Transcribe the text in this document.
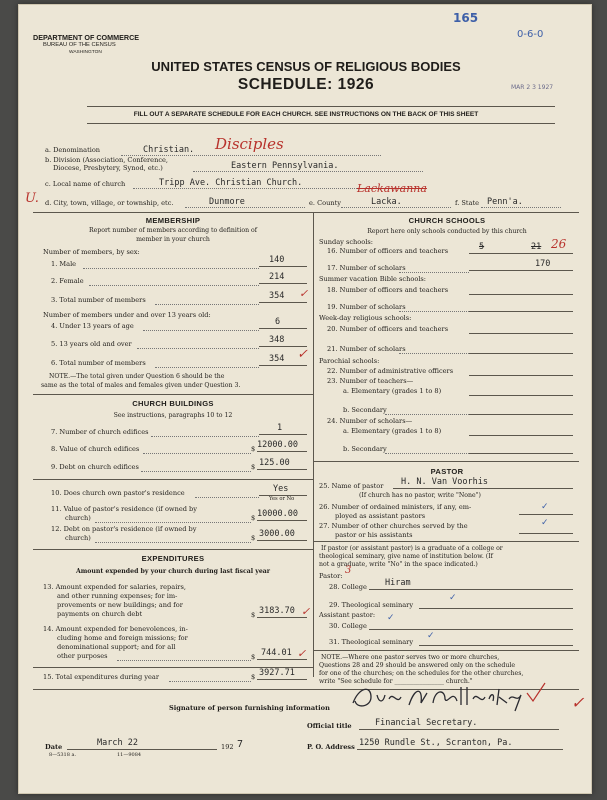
165
0-6-0
MAR 2 3 1927
DEPARTMENT OF COMMERCE
BUREAU OF THE CENSUS
WASHINGTON
UNITED STATES CENSUS OF RELIGIOUS BODIES
SCHEDULE: 1926
FILL OUT A SEPARATE SCHEDULE FOR EACH CHURCH. SEE INSTRUCTIONS ON THE BACK OF THIS SHEET
a. Denomination	Christian. Disciples
b. Division (Association, Conference,
Diocese, Presbytery, Synod, etc.)	Eastern Pennsylvania.
c. Local name of church	Tripp Ave. Christian Church.
U. d. City, town, village, or township, etc.	Dunmore	e. County	Lacka.
Lackawanna
f. State Penn'a.
MEMBERSHIP
Report number of members according to definition of
member in your church
Number of members, by sex:
1. Male	140
2. Female	214
3. Total number of members	354 ✓
Number of members under and over 13 years old:
4. Under 13 years of age	6
5. 13 years old and over	348
6. Total number of members	354 ✓
NOTE.—The total given under Question 6 should be the
same as the total of males and females given under Question 3.
CHURCH BUILDINGS
See instructions, paragraphs 10 to 12
7. Number of church edifices	1
8. Value of church edifices	$ 12000.00
9. Debt on church edifices	$ 125.00
10. Does church own pastor's residence	Yes
Yes or No
11. Value of pastor's residence (if owned by
church)	$ 10000.00
12. Debt on pastor's residence (if owned by
church)	$ 3000.00
EXPENDITURES
Amount expended by your church during last fiscal year
13. Amount expended for salaries, repairs,
and other running expenses; for im-
provements or new buildings; and for
payments on church debt	$ 3183.70 ✓
14. Amount expended for benevolences, in-
cluding home and foreign missions; for
denominational support; and for all
other purposes	$ 744.01 ✓
15. Total expenditures during year	$ 3927.71
CHURCH SCHOOLS
Report here only schools conducted by this church
Sunday schools:
16. Number of officers and teachers	5	21 26
17. Number of scholars	170
Summer vacation Bible schools:
18. Number of officers and teachers
19. Number of scholars
Week-day religious schools:
20. Number of officers and teachers
21. Number of scholars
Parochial schools:
22. Number of administrative officers
23. Number of teachers—
a. Elementary (grades 1 to 8)
b. Secondary
24. Number of scholars—
a. Elementary (grades 1 to 8)
b. Secondary
PASTOR
25. Name of pastor H. N. Van Voorhis
(If church has no pastor, write "None")
26. Number of ordained ministers, if any, em-
ployed as assistant pastors
✓
27. Number of other churches served by the
pastor or his assistants
✓
If pastor (or assistant pastor) is a graduate of a college or
theological seminary, give name of institution below. (If
not a graduate, write "No" in the space indicated.)
Pastor: 3
28. College Hiram
29. Theological seminary
✓
Assistant pastor:
30. College
✓
31. Theological seminary
✓
NOTE.—Where one pastor serves two or more churches,
Questions 28 and 29 should be answered only on the schedule
for one of the churches; on the schedules for the other churches,
write "See schedule for ________________ church."
Signature of person furnishing information
Official title	Financial Secretary.
Date	March 22	192 7	P. O. Address 1250 Rundle St., Scranton, Pa.
8—5318 a.	11—9084
✓
